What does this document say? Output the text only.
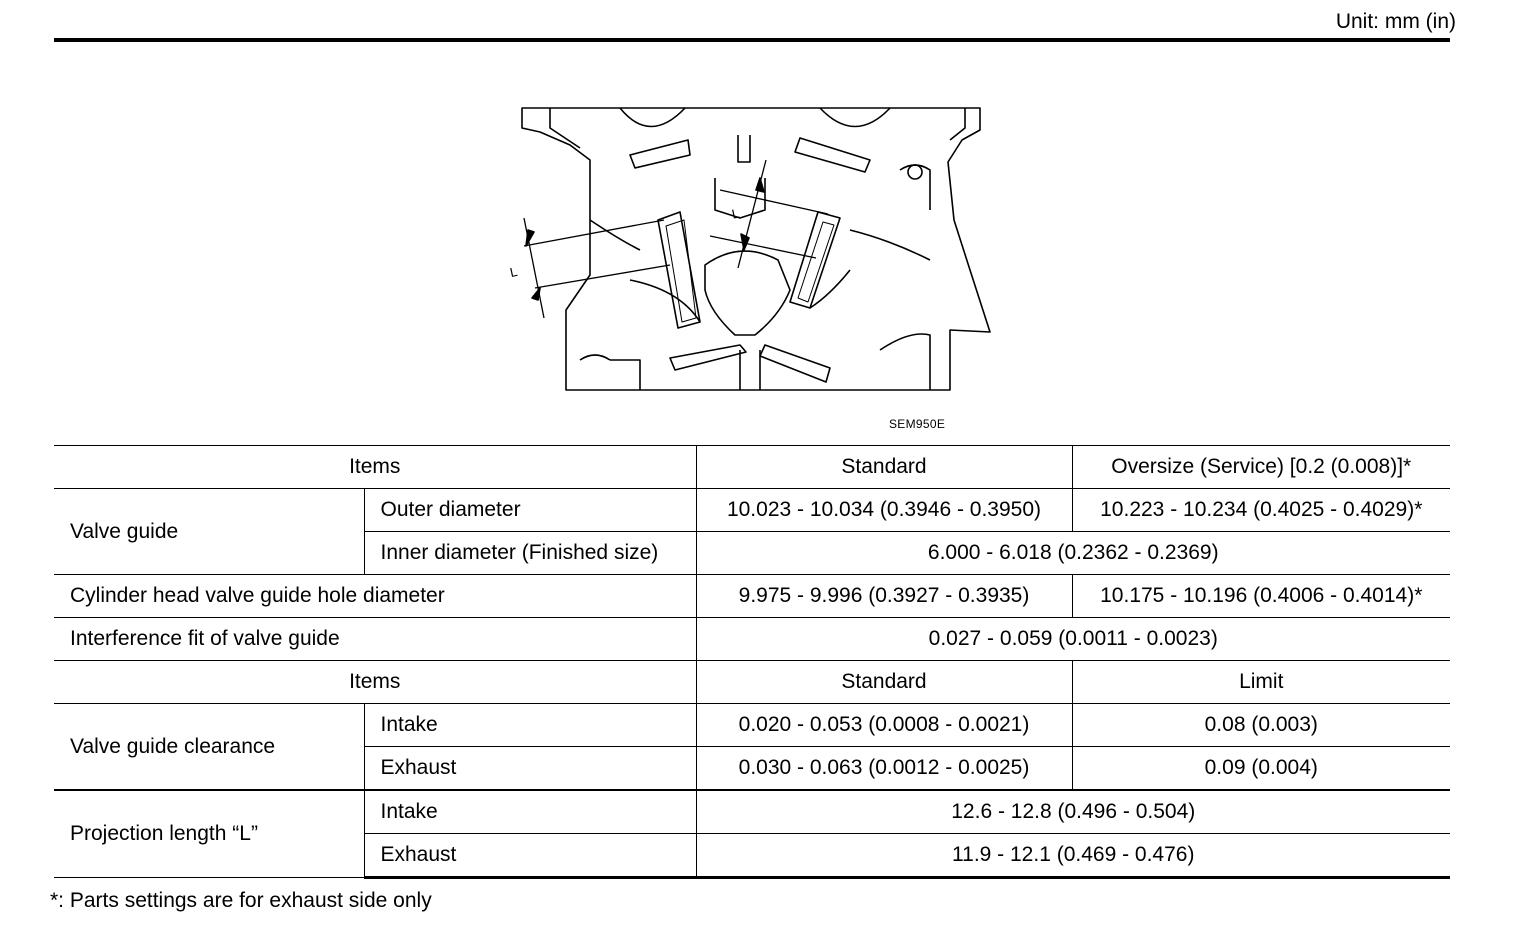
Unit: mm (in)
L
L
SEM950E
Items		Standard	Oversize (Service) [0.2 (0.008)]*
Valve guide	Outer diameter	10.023 - 10.034 (0.3946 - 0.3950)	10.223 - 10.234 (0.4025 - 0.4029)*
	Inner diameter (Finished size)	6.000 - 6.018 (0.2362 - 0.2369)	
Cylinder head valve guide hole diameter		9.975 - 9.996 (0.3927 - 0.3935)	10.175 - 10.196 (0.4006 - 0.4014)*
Interference fit of valve guide		0.027 - 0.059 (0.0011 - 0.0023)	
Items		Standard	Limit
Valve guide clearance	Intake	0.020 - 0.053 (0.0008 - 0.0021)	0.08 (0.003)
	Exhaust	0.030 - 0.063 (0.0012 - 0.0025)	0.09 (0.004)
Projection length “L”	Intake	12.6 - 12.8 (0.496 - 0.504)	
	Exhaust	11.9 - 12.1 (0.469 - 0.476)	
*: Parts settings are for exhaust side only
